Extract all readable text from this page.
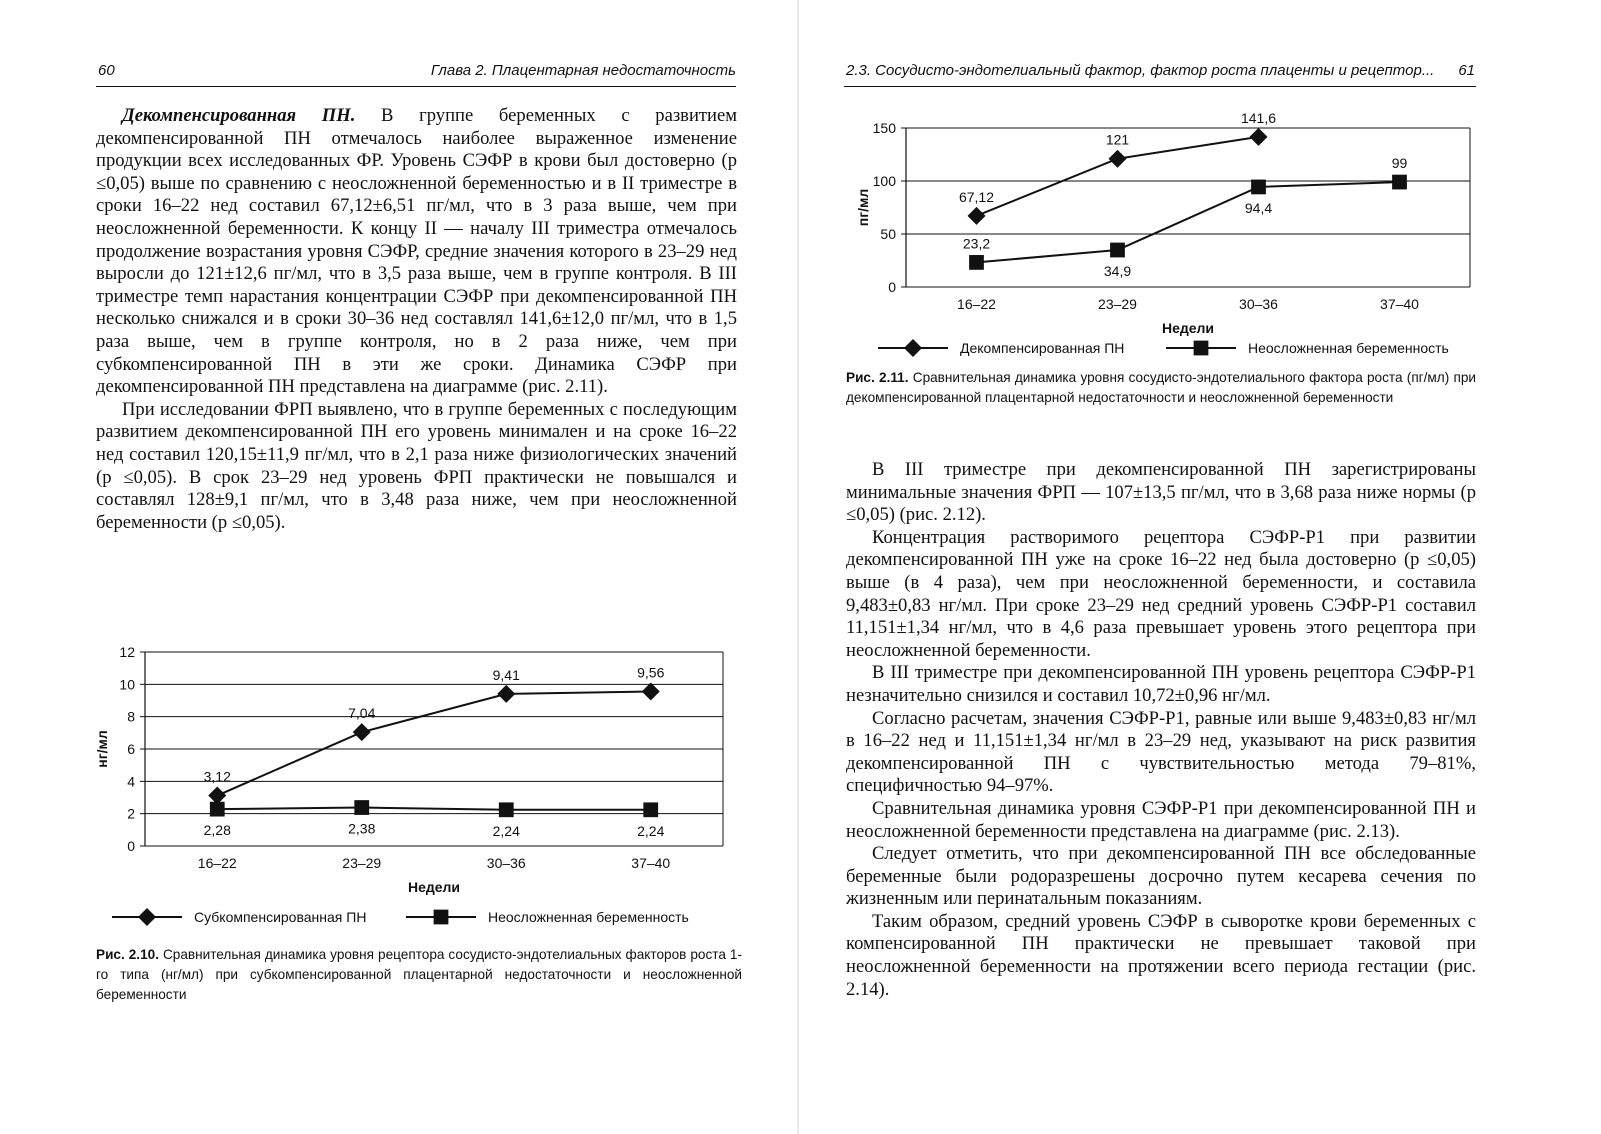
60	Глава 2. Плацентарная недостаточность

Декомпенсированная ПН. В группе беременных с развитием декомпенсированной ПН отмечалось наиболее выраженное изменение продукции всех исследованных ФР. Уровень СЭФР в крови был достоверно (р ≤0,05) выше по сравнению с неосложненной беременностью и в II триместре в сроки 16–22 нед составил 67,12±6,51 пг/мл, что в 3 раза выше, чем при неосложненной беременности. К концу II — началу III триместра отмечалось продолжение возрастания уровня СЭФР, средние значения которого в 23–29 нед выросли до 121±12,6 пг/мл, что в 3,5 раза выше, чем в группе контроля. В III триместре темп нарастания концентрации СЭФР при декомпенсированной ПН несколько снижался и в сроки 30–36 нед составлял 141,6±12,0 пг/мл, что в 1,5 раза выше, чем в группе контроля, но в 2 раза ниже, чем при субкомпенсированной ПН в эти же сроки. Динамика СЭФР при декомпенсированной ПН представлена на диаграмме (рис. 2.11).

При исследовании ФРП выявлено, что в группе беременных с последующим развитием декомпенсированной ПН его уровень минимален и на сроке 16–22 нед составил 120,15±11,9 пг/мл, что в 2,1 раза ниже физиологических значений (р ≤0,05). В срок 23–29 нед уровень ФРП практически не повышался и составлял 128±9,1 пг/мл, что в 3,48 раза ниже, чем при неосложненной беременности (р ≤0,05).

0
2
4
6
8
10
12
16–22	23–29	30–36	37–40
Недели
нг/мл
3,12
7,04
9,41	9,56
2,28	2,38	2,24	2,24
Субкомпенсированная ПН	Неосложненная беременность
Рис. 2.10. Сравнительная динамика уровня рецептора сосудисто-эндотелиальных факторов роста 1-го типа (нг/мл) при субкомпенсированной плацентарной недостаточности и неосложненной беременности
2.3. Сосудисто-эндотелиальный фактор, фактор роста плаценты и рецептор... 61
0
50
100
150
16–22	23–29	30–36	37–40
Недели
пг/мл	67,12
121
141,6
23,2
34,9
94,4
99
Декомпенсированная ПН	Неосложненная беременность
Рис. 2.11. Сравнительная динамика уровня сосудисто-эндотелиального фактора роста (пг/мл) при декомпенсированной плацентарной недостаточности и неосложненной беременности

В III триместре при декомпенсированной ПН зарегистрированы минимальные значения ФРП — 107±13,5 пг/мл, что в 3,68 раза ниже нормы (р ≤0,05) (рис. 2.12).

Концентрация растворимого рецептора СЭФР-Р1 при развитии декомпенсированной ПН уже на сроке 16–22 нед была достоверно (р ≤0,05) выше (в 4 раза), чем при неосложненной беременности, и составила 9,483±0,83 нг/мл. При сроке 23–29 нед средний уровень СЭФР-Р1 составил 11,151±1,34 нг/мл, что в 4,6 раза превышает уровень этого рецептора при неосложненной беременности.

В III триместре при декомпенсированной ПН уровень рецептора СЭФР-Р1 незначительно снизился и составил 10,72±0,96 нг/мл.

Согласно расчетам, значения СЭФР-Р1, равные или выше 9,483±0,83 нг/мл в 16–22 нед и 11,151±1,34 нг/мл в 23–29 нед, указывают на риск развития декомпенсированной ПН с чувствительностью метода 79–81%, специфичностью 94–97%.

Сравнительная динамика уровня СЭФР-Р1 при декомпенсированной ПН и неосложненной беременности представлена на диаграмме (рис. 2.13).

Следует отметить, что при декомпенсированной ПН все обследованные беременные были родоразрешены досрочно путем кесарева сечения по жизненным или перинатальным показаниям.

Таким образом, средний уровень СЭФР в сыворотке крови беременных с компенсированной ПН практически не превышает таковой при неосложненной беременности на протяжении всего периода гестации (рис. 2.14).
